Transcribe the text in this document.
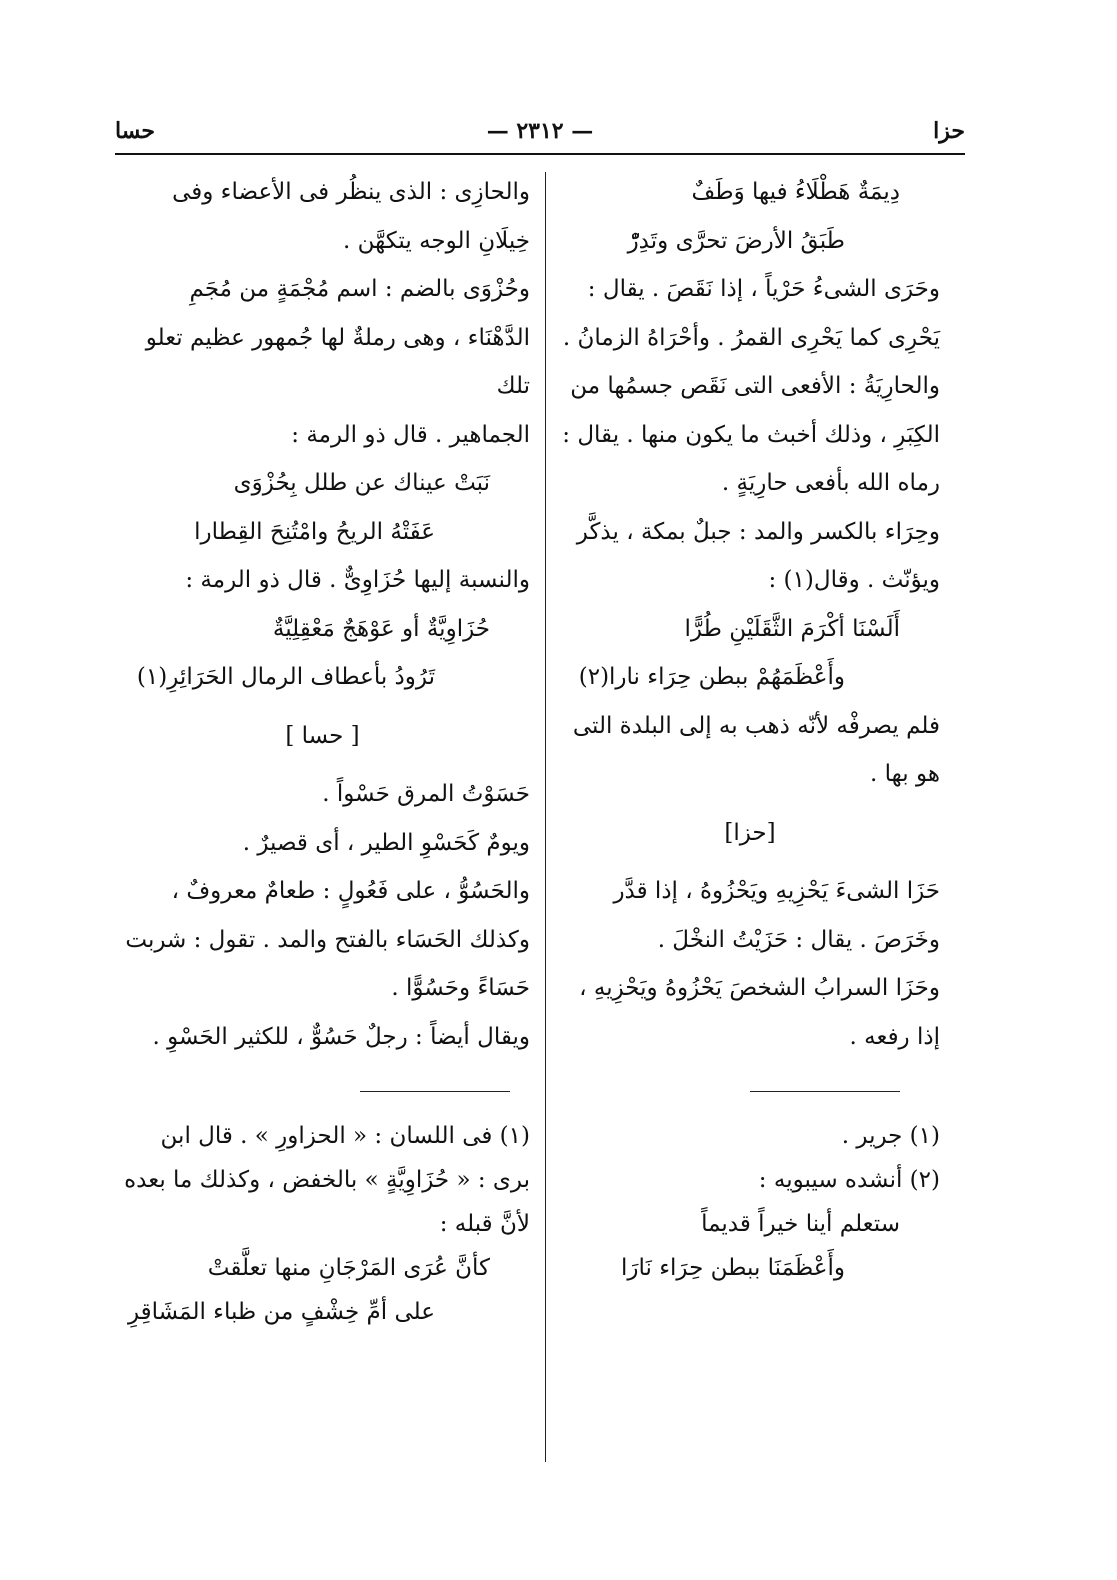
حزا
— ٢٣١٢ —
حسا

دِيمَةٌ هَطْلَاءُ فيها وَطَفٌ

طَبَقُ الأرضَ تحرَّى وتَدِرّْ

وحَرَى الشىءُ حَرْياً ، إذا نَقَصَ . يقال :

يَحْرِى كما يَحْرِى القمرُ . وأحْرَاهُ الزمانُ .

والحارِيَةُ : الأفعى التى نَقَص جسمُها من

الكِبَرِ ، وذلك أخبث ما يكون منها . يقال :

رماه الله بأفعى حارِيَةٍ .

وحِرَاء بالكسر والمد : جبلٌ بمكة ، يذكَّر

ويؤنّث . وقال(١) :

أَلَسْنَا أكْرَمَ الثَّقَلَيْنِ طُرًّا

وأَعْظَمَهُمْ ببطن حِرَاء نارا(٢)

فلم يصرفْه لأنّه ذهب به إلى البلدة التى

هو بها .

[حزا]

حَزَا الشىءَ يَحْزِيهِ ويَحْزُوهُ ، إذا قدَّر

وخَرَصَ . يقال : حَزَيْتُ النخْلَ .

وحَزَا السرابُ الشخصَ يَحْزُوهُ ويَحْزِيهِ ،

إذا رفعه .

(١) جرير .

(٢) أنشده سيبويه :

ستعلم أينا خيراً قديماً

وأَعْظَمَنَا ببطن حِرَاء نَارَا

والحازِى : الذى ينظُر فى الأعضاء وفى

خِيلَانِ الوجه يتكهَّن .

وحُزْوَى بالضم : اسم مُجْمَةٍ من مُجَمِ

الدَّهْنَاء ، وهى رملةٌ لها جُمهور عظيم تعلو تلك

الجماهير . قال ذو الرمة :

نَبَتْ عيناك عن طلل بِحُزْوَى

عَفَتْهُ الريحُ وامْتُنِحَ القِطارا

والنسبة إليها حُزَاوِىٌّ . قال ذو الرمة :

حُزَاوِيَّةٌ أو عَوْهَجٌ مَعْقِلِيَّةٌ

تَرُودُ بأعطاف الرمال الحَرَائِرِ(١)

[ حسا ]

حَسَوْتُ المرق حَسْواً .

ويومٌ كَحَسْوِ الطير ، أى قصيرٌ .

والحَسُوُّ ، على فَعُولٍ : طعامٌ معروفٌ ،

وكذلك الحَسَاء بالفتح والمد . تقول : شربت

حَسَاءً وحَسُوًّا .

ويقال أيضاً : رجلٌ حَسُوٌّ ، للكثير الحَسْوِ .

(١) فى اللسان : « الحزاورِ » . قال ابن

برى : « حُزَاوِيَّةٍ » بالخفض ، وكذلك ما بعده

لأنَّ قبله :

كأنَّ عُرَى المَرْجَانِ منها تعلَّقتْ

على أمِّ خِشْفٍ من ظباء المَشَاقِرِ
